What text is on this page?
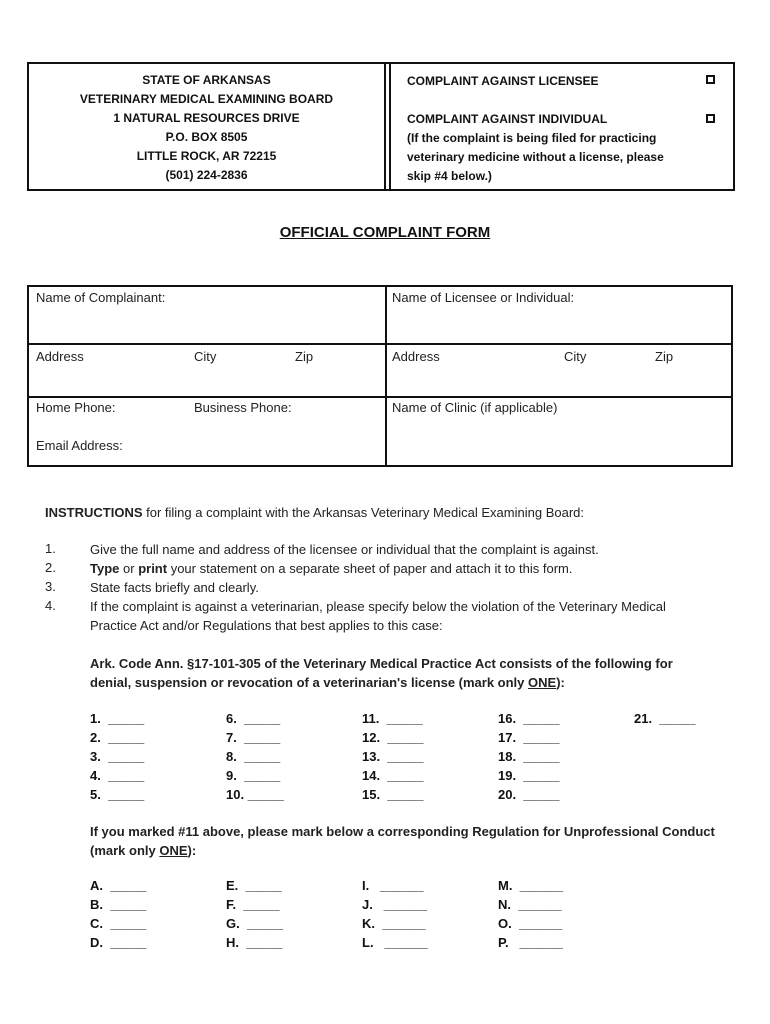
STATE OF ARKANSAS
VETERINARY MEDICAL EXAMINING BOARD
1 NATURAL RESOURCES DRIVE
P.O. BOX 8505
LITTLE ROCK, AR 72215
(501) 224-2836
COMPLAINT AGAINST LICENSEE
COMPLAINT AGAINST INDIVIDUAL
(If the complaint is being filed for practicing
veterinary medicine without a license, please
skip #4 below.)
OFFICIAL COMPLAINT FORM
Name of Complainant:	Name of Licensee or Individual:
Address	City	Zip	Address	City	Zip
Home Phone:	Business Phone:	Name of Clinic (if applicable)
Email Address:
INSTRUCTIONS for filing a complaint with the Arkansas Veterinary Medical Examining Board:
1.	Give the full name and address of the licensee or individual that the complaint is against.
2.	Type or print your statement on a separate sheet of paper and attach it to this form.
3.	State facts briefly and clearly.
4.	If the complaint is against a veterinarian, please specify below the violation of the Veterinary Medical
Practice Act and/or Regulations that best applies to this case:
Ark. Code Ann. §17-101-305 of the Veterinary Medical Practice Act consists of the following for
denial, suspension or revocation of a veterinarian's license (mark only ONE):
1.  _____
2.  _____
3.  _____
4.  _____
5.  _____
6.  _____
7.  _____
8.  _____
9.  _____
10. _____
11.  _____
12.  _____
13.  _____
14.  _____
15.  _____
16.  _____
17.  _____
18.  _____
19.  _____
20.  _____
21.  _____
If you marked #11 above, please mark below a corresponding Regulation for Unprofessional Conduct
(mark only ONE):
A.  _____
B.  _____
C.  _____
D.  _____
E.  _____
F.  _____
G.  _____
H.  _____
I.   ______
J.   ______
K.  ______
L.   ______
M.  ______
N.  ______
O.  ______
P.   ______
